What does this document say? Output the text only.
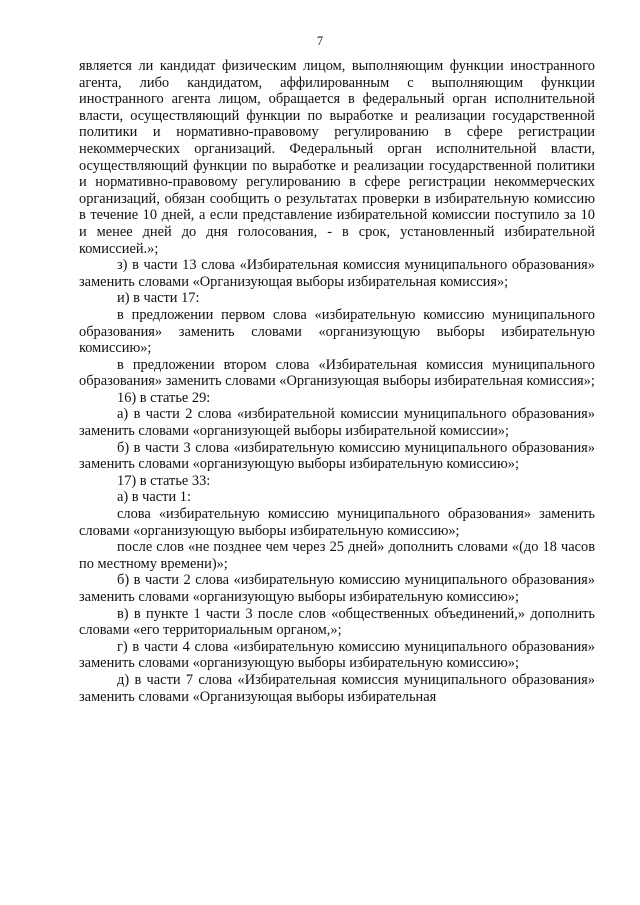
7

является ли кандидат физическим лицом, выполняющим функции иностранного агента, либо кандидатом, аффилированным с выполняющим функции иностранного агента лицом, обращается в федеральный орган исполнительной власти, осуществляющий функции по выработке и реализации государственной политики и нормативно-правовому регулированию в сфере регистрации некоммерческих организаций. Федеральный орган исполнительной власти, осуществляющий функции по выработке и реализации государственной политики и нормативно-правовому регулированию в сфере регистрации некоммерческих организаций, обязан сообщить о результатах проверки в избирательную комиссию в течение 10 дней, а если представление избирательной комиссии поступило за 10 и менее дней до дня голосования, - в срок, установленный избирательной комиссией.»;

з) в части 13 слова «Избирательная комиссия муниципального образования» заменить словами «Организующая выборы избирательная комиссия»;

и) в части 17:

в предложении первом слова «избирательную комиссию муниципального образования» заменить словами «организующую выборы избирательную комиссию»;

в предложении втором слова «Избирательная комиссия муниципального образования» заменить словами «Организующая выборы избирательная комиссия»;

16) в статье 29:

а) в части 2 слова «избирательной комиссии муниципального образования» заменить словами «организующей выборы избирательной комиссии»;

б) в части 3 слова «избирательную комиссию муниципального образования» заменить словами «организующую выборы избирательную комиссию»;

17) в статье 33:

а) в части 1:

слова «избирательную комиссию муниципального образования» заменить словами «организующую выборы избирательную комиссию»;

после слов «не позднее чем через 25 дней» дополнить словами «(до 18 часов по местному времени)»;

б) в части 2 слова «избирательную комиссию муниципального образования» заменить словами «организующую выборы избирательную комиссию»;

в) в пункте 1 части 3 после слов «общественных объединений,» дополнить словами «его территориальным органом,»;

г) в части 4 слова «избирательную комиссию муниципального образования» заменить словами «организующую выборы избирательную комиссию»;

д) в части 7 слова «Избирательная комиссия муниципального образования» заменить словами «Организующая выборы избирательная
